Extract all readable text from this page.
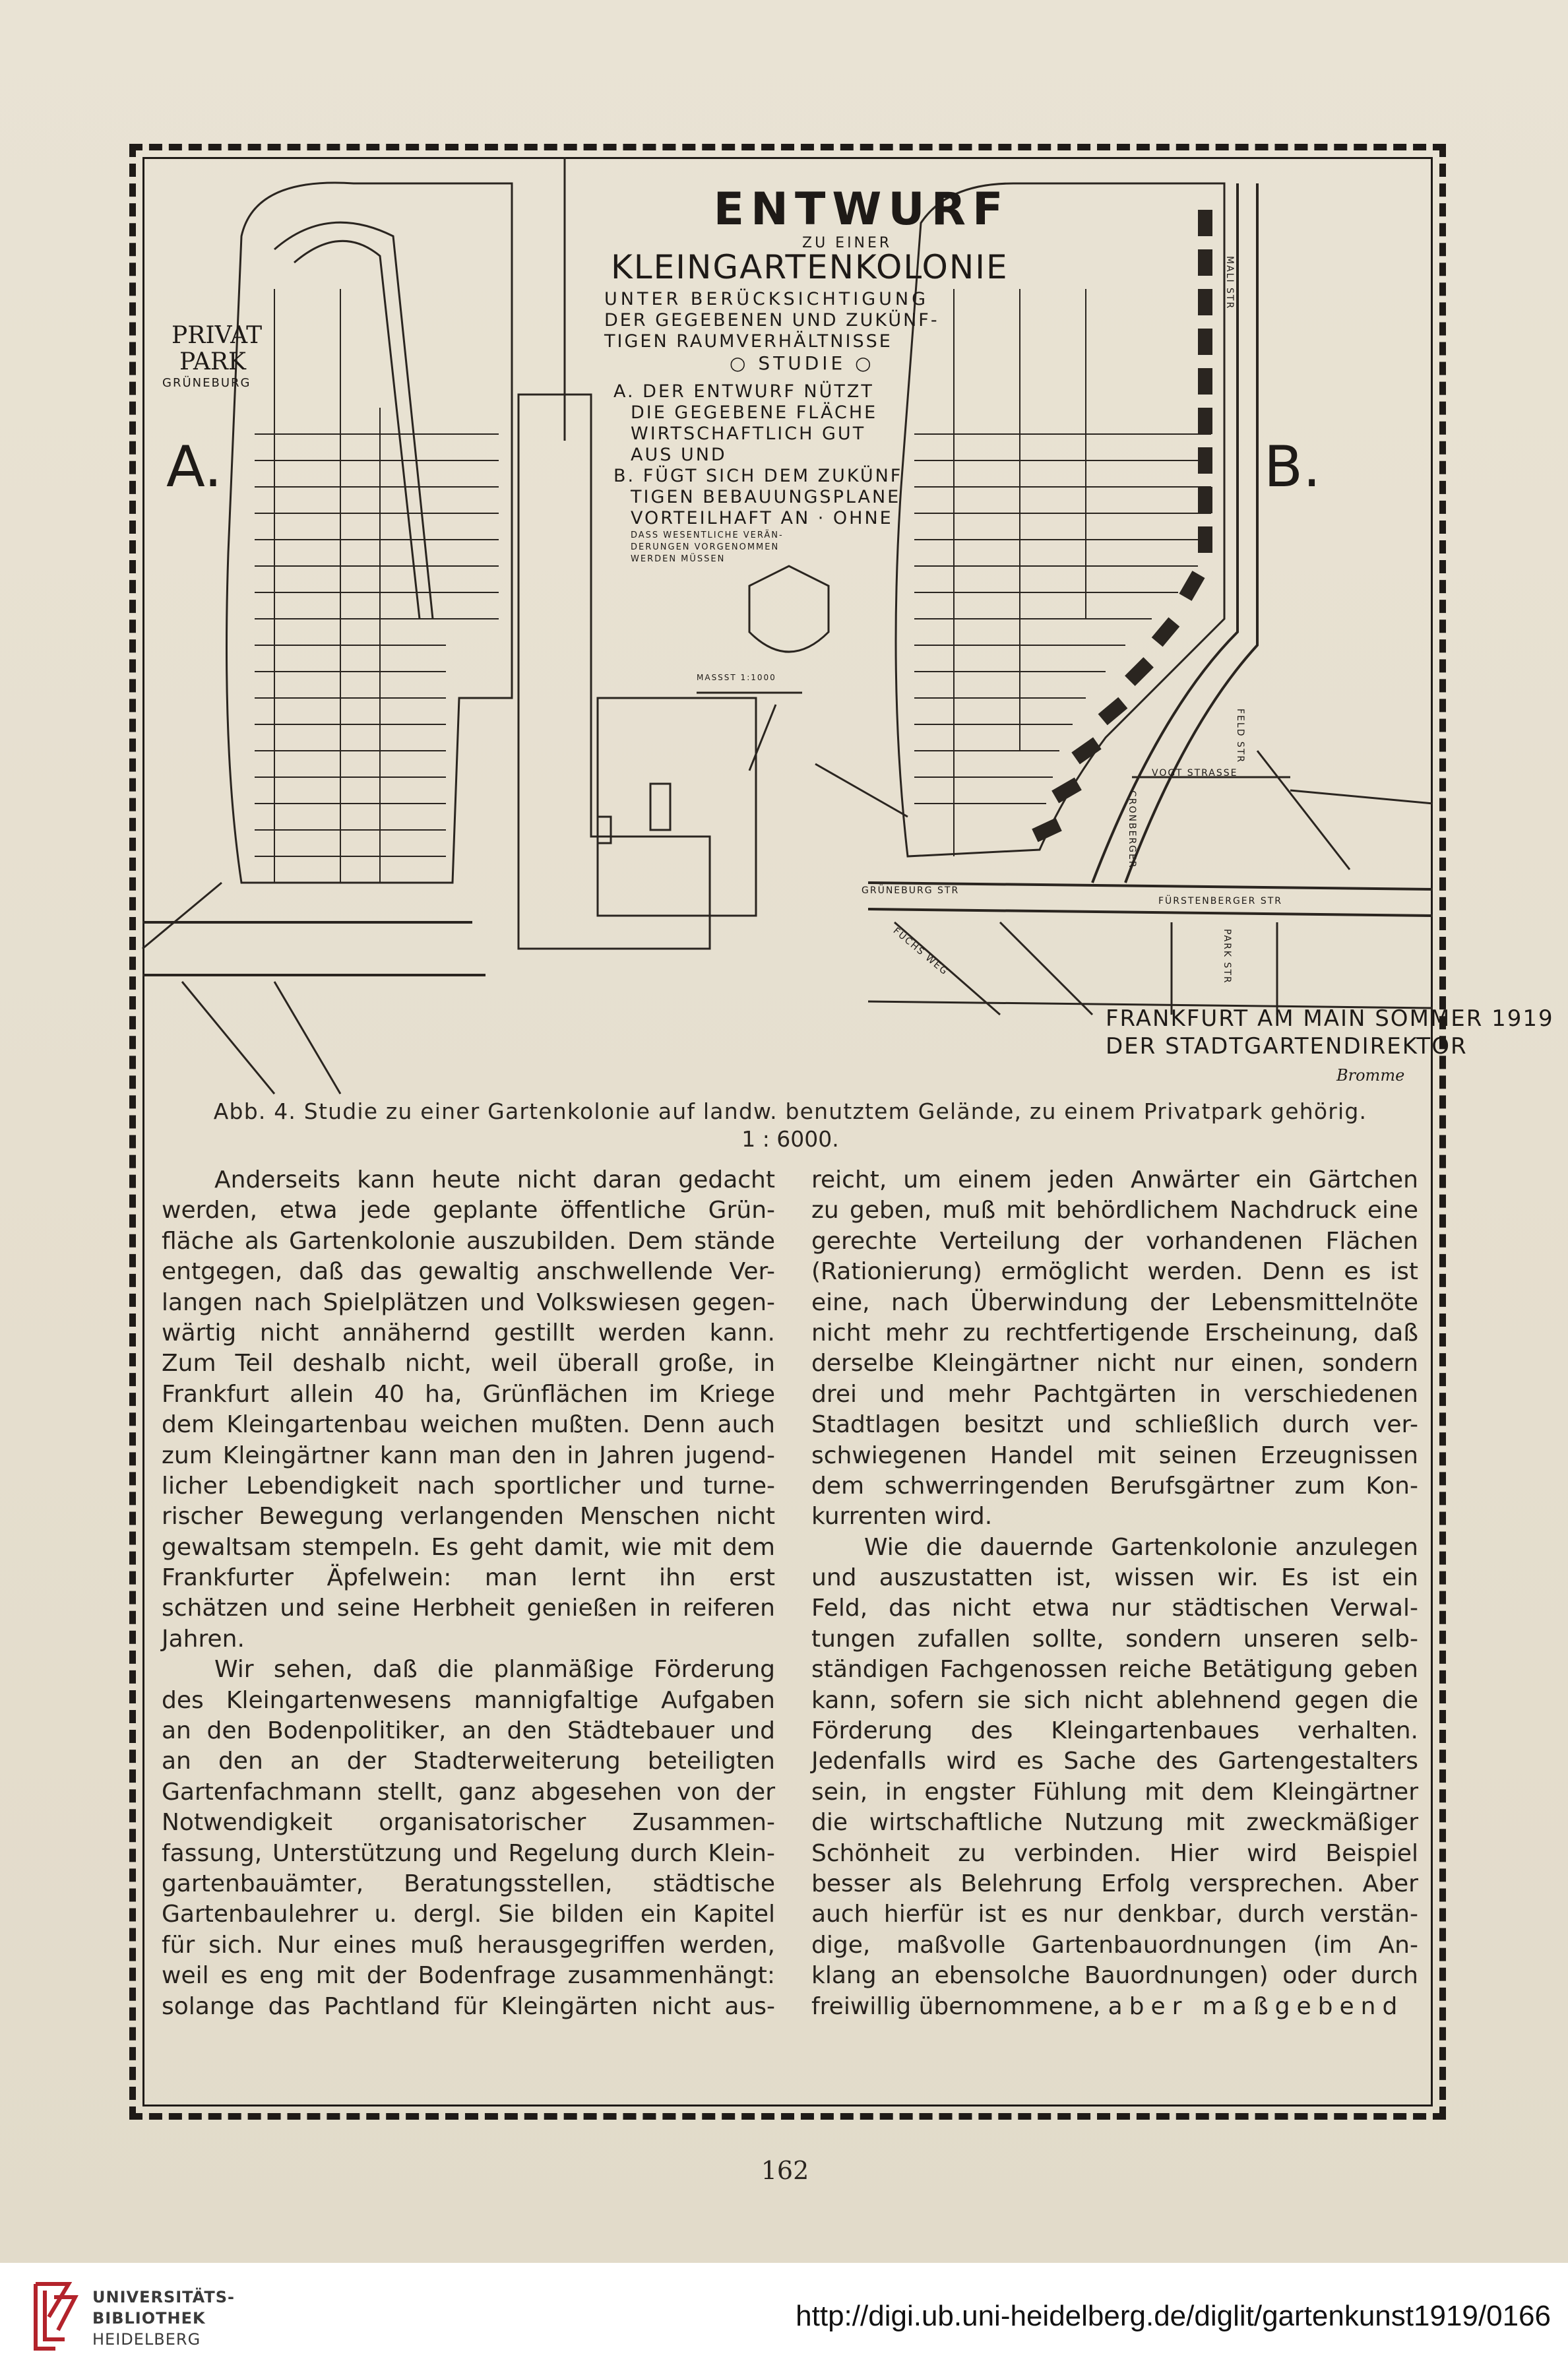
ENTWURF
ZU EINER
KLEINGARTENKOLONIE
UNTER BERÜCKSICHTIGUNG
DER GEGEBENEN UND ZUKÜNF-
TIGEN RAUMVERHÄLTNISSE
○ STUDIE ○
A. DER ENTWURF NÜTZT
DIE GEGEBENE FLÄCHE
WIRTSCHAFTLICH GUT
AUS UND
B. FÜGT SICH DEM ZUKÜNF
TIGEN BEBAUUNGSPLANE
VORTEILHAFT AN · OHNE
DASS WESENTLICHE VERÄN-
DERUNGEN VORGENOMMEN
WERDEN MÜSSEN
PRIVAT
PARK
GRÜNEBURG
A.	B.
MASSST 1:1000
FRANKFURT AM MAIN SOMMER 1919
DER STADTGARTENDIREKTOR
Bromme
GRÜNEBURG STR
FÜRSTENBERGER STR
VOGT STRASSE
FELD STR
PARK STR
MALI STR
CRONBERGER
FUCHS WEG
Abb. 4. Studie zu einer Gartenkolonie auf landw. benutztem Gelände, zu einem Privatpark gehörig.
1 : 6000.
Anderseits kann heute nicht daran gedacht
werden, etwa jede geplante öffentliche Grün-
fläche als Gartenkolonie auszubilden. Dem stände
entgegen, daß das gewaltig anschwellende Ver-
langen nach Spielplätzen und Volkswiesen gegen-
wärtig nicht annähernd gestillt werden kann.
Zum Teil deshalb nicht, weil überall große, in
Frankfurt allein 40 ha, Grünflächen im Kriege
dem Kleingartenbau weichen mußten. Denn auch
zum Kleingärtner kann man den in Jahren jugend-
licher Lebendigkeit nach sportlicher und turne-
rischer Bewegung verlangenden Menschen nicht
gewaltsam stempeln. Es geht damit, wie mit dem
Frankfurter Äpfelwein: man lernt ihn erst
schätzen und seine Herbheit genießen in reiferen
Jahren.
Wir sehen, daß die planmäßige Förderung
des Kleingartenwesens mannigfaltige Aufgaben
an den Bodenpolitiker, an den Städtebauer und
an den an der Stadterweiterung beteiligten
Gartenfachmann stellt, ganz abgesehen von der
Notwendigkeit organisatorischer Zusammen-
fassung, Unterstützung und Regelung durch Klein-
gartenbauämter, Beratungsstellen, städtische
Gartenbaulehrer u. dergl. Sie bilden ein Kapitel
für sich. Nur eines muß herausgegriffen werden,
weil es eng mit der Bodenfrage zusammenhängt:
solange das Pachtland für Kleingärten nicht aus-
reicht, um einem jeden Anwärter ein Gärtchen
zu geben, muß mit behördlichem Nachdruck eine
gerechte Verteilung der vorhandenen Flächen
(Rationierung) ermöglicht werden. Denn es ist
eine, nach Überwindung der Lebensmittelnöte
nicht mehr zu rechtfertigende Erscheinung, daß
derselbe Kleingärtner nicht nur einen, sondern
drei und mehr Pachtgärten in verschiedenen
Stadtlagen besitzt und schließlich durch ver-
schwiegenen Handel mit seinen Erzeugnissen
dem schwerringenden Berufsgärtner zum Kon-
kurrenten wird.
Wie die dauernde Gartenkolonie anzulegen
und auszustatten ist, wissen wir. Es ist ein
Feld, das nicht etwa nur städtischen Verwal-
tungen zufallen sollte, sondern unseren selb-
ständigen Fachgenossen reiche Betätigung geben
kann, sofern sie sich nicht ablehnend gegen die
Förderung des Kleingartenbaues verhalten.
Jedenfalls wird es Sache des Gartengestalters
sein, in engster Fühlung mit dem Kleingärtner
die wirtschaftliche Nutzung mit zweckmäßiger
Schönheit zu verbinden. Hier wird Beispiel
besser als Belehrung Erfolg versprechen. Aber
auch hierfür ist es nur denkbar, durch verstän-
dige, maßvolle Gartenbauordnungen (im An-
klang an ebensolche Bauordnungen) oder durch
freiwillig übernommene, aber maßgebend
162
UNIVERSITÄTS-
BIBLIOTHEK
HEIDELBERG
http://digi.ub.uni-heidelberg.de/diglit/gartenkunst1919/0166
